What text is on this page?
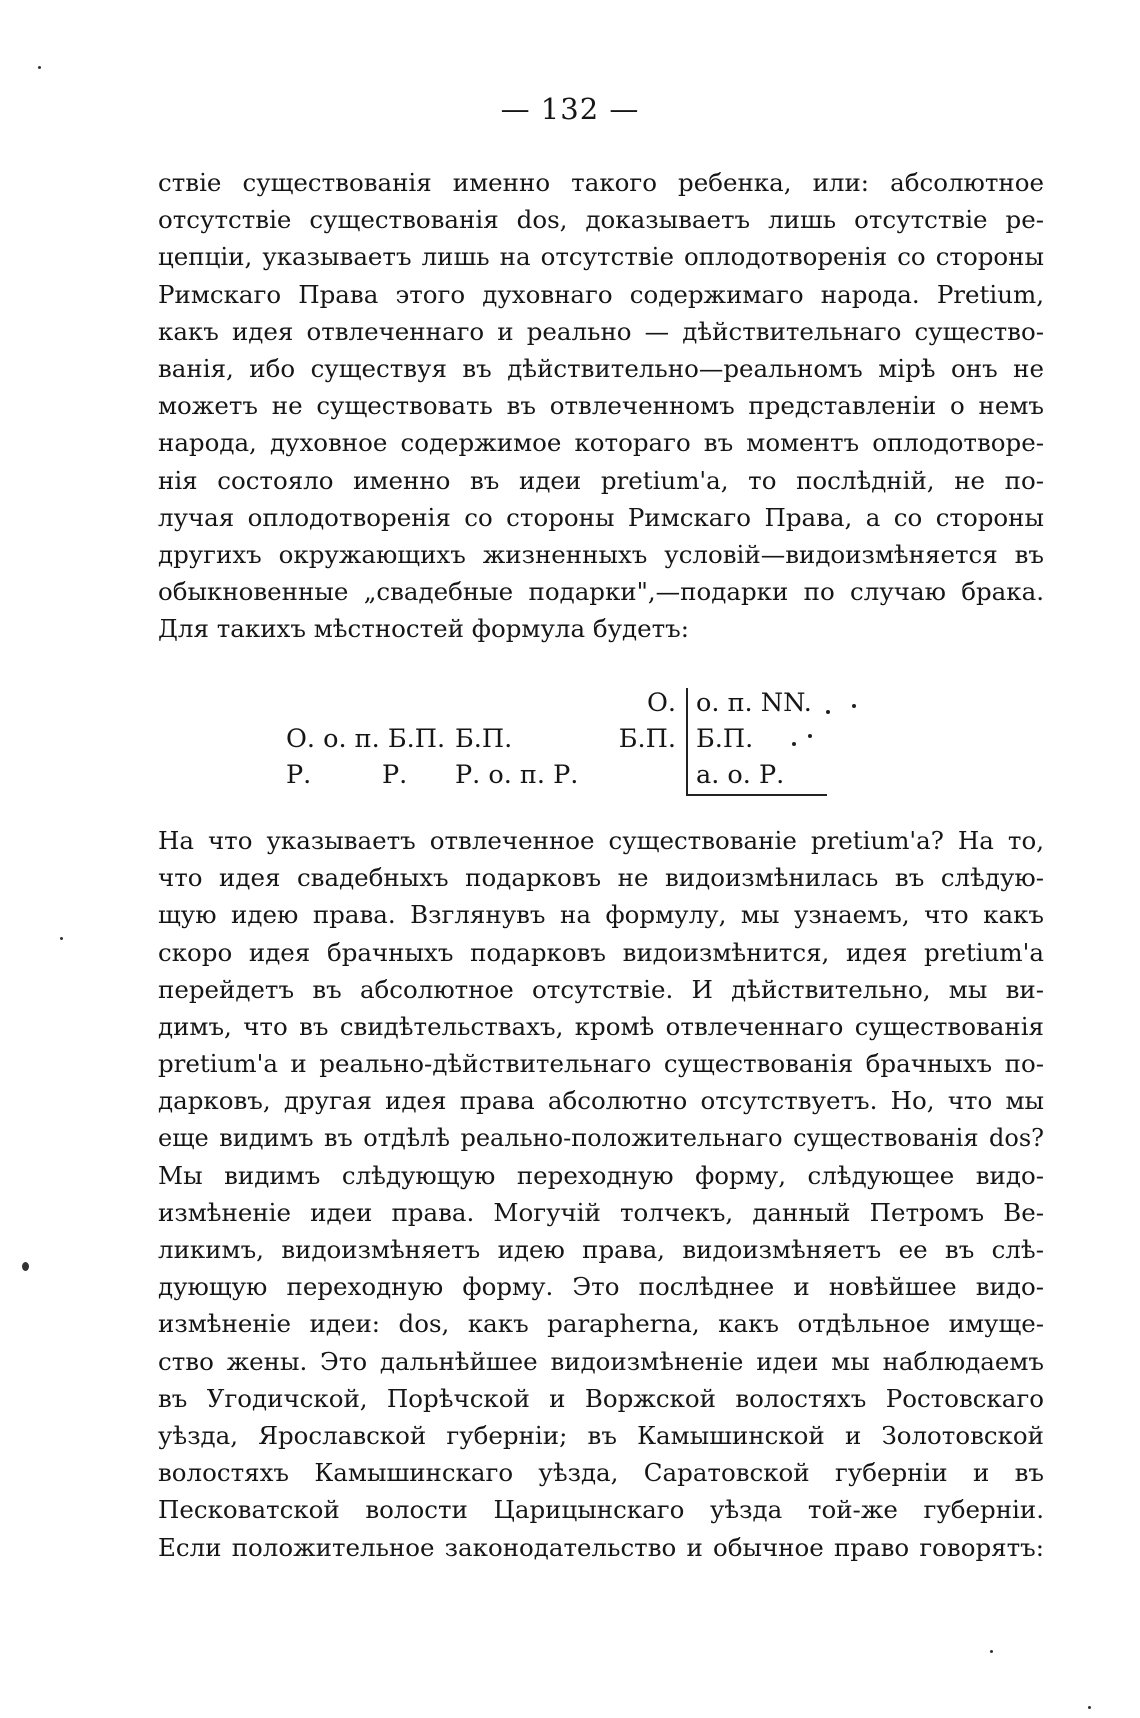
— 132 —
ствіе существованія именно такого ребенка, или: абсолютное
отсутствіе существованія dos, доказываетъ лишь отсутствіе ре-
цепціи, указываетъ лишь на отсутствіе оплодотворенія со стороны
Римскаго Права этого духовнаго содержимаго народа. Pretium,
какъ идея отвлеченнаго и реально — дѣйствительнаго существо-
ванія, ибо существуя въ дѣйствительно—реальномъ мірѣ онъ не
можетъ не существовать въ отвлеченномъ представленіи о немъ
народа, духовное содержимое котораго въ моментъ оплодотворе-
нія состояло именно въ идеи pretium'а, то послѣдній, не по-
лучая оплодотворенія со стороны Римскаго Права, а со стороны
другихъ окружающихъ жизненныхъ условій—видоизмѣняется въ
обыкновенные „свадебные подарки",—подарки по случаю брака.
Для такихъ мѣстностей формула будетъ:
О. о. п. NN.
О. о. п. Б.П. Б.П.	Б.П. Б.П.
Р.	Р. Р. о. п. Р.	а. о. Р.
На что указываетъ отвлеченное существованіе pretium'а? На то,
что идея свадебныхъ подарковъ не видоизмѣнилась въ слѣдую-
щую идею права. Взглянувъ на формулу, мы узнаемъ, что какъ
скоро идея брачныхъ подарковъ видоизмѣнится, идея pretium'а
перейдетъ въ абсолютное отсутствіе. И дѣйствительно, мы ви-
димъ, что въ свидѣтельствахъ, кромѣ отвлеченнаго существованія
pretium'а и реально-дѣйствительнаго существованія брачныхъ по-
дарковъ, другая идея права абсолютно отсутствуетъ. Но, что мы
еще видимъ въ отдѣлѣ реально-положительнаго существованія dos?
Мы видимъ слѣдующую переходную форму, слѣдующее видо-
измѣненіе идеи права. Могучій толчекъ, данный Петромъ Ве-
ликимъ, видоизмѣняетъ идею права, видоизмѣняетъ ее въ слѣ-
дующую переходную форму. Это послѣднее и новѣйшее видо-
измѣненіе идеи: dos, какъ paraphernа, какъ отдѣльное имуще-
ство жены. Это дальнѣйшее видоизмѣненіе идеи мы наблюдаемъ
въ Угодичской, Порѣчской и Воржской волостяхъ Ростовскаго
уѣзда, Ярославской губерніи; въ Камышинской и Золотовской
волостяхъ Камышинскаго уѣзда, Саратовской губерніи и въ
Песковатской волости Царицынскаго уѣзда той-же губерніи.
Если положительное законодательство и обычное право говорятъ:
